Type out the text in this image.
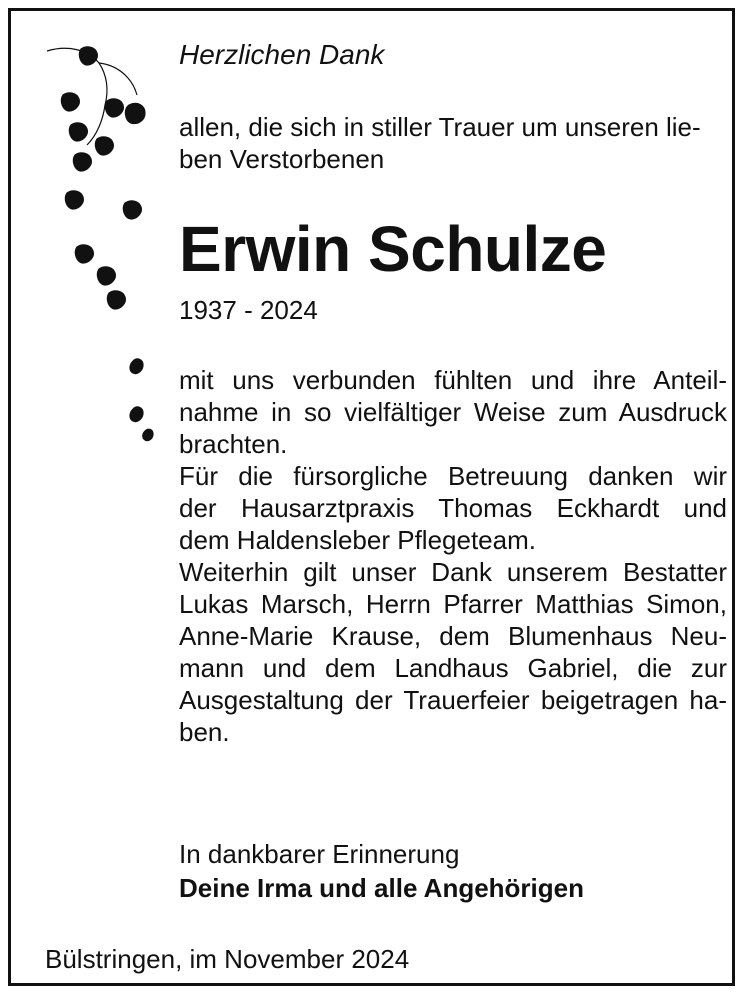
Herzlichen Dank
allen, die sich in stiller Trauer um unseren lie-
ben Verstorbenen
Erwin Schulze
1937 - 2024
mit uns verbunden fühlten und ihre Anteil-
nahme in so vielfältiger Weise zum Ausdruck
brachten.
Für die fürsorgliche Betreuung danken wir
der Hausarztpraxis Thomas Eckhardt und
dem Haldensleber Pflegeteam.
Weiterhin gilt unser Dank unserem Bestatter
Lukas Marsch, Herrn Pfarrer Matthias Simon,
Anne-Marie Krause, dem Blumenhaus Neu-
mann und dem Landhaus Gabriel, die zur
Ausgestaltung der Trauerfeier beigetragen ha-
ben.
In dankbarer Erinnerung
Deine Irma und alle Angehörigen
Bülstringen, im November 2024
